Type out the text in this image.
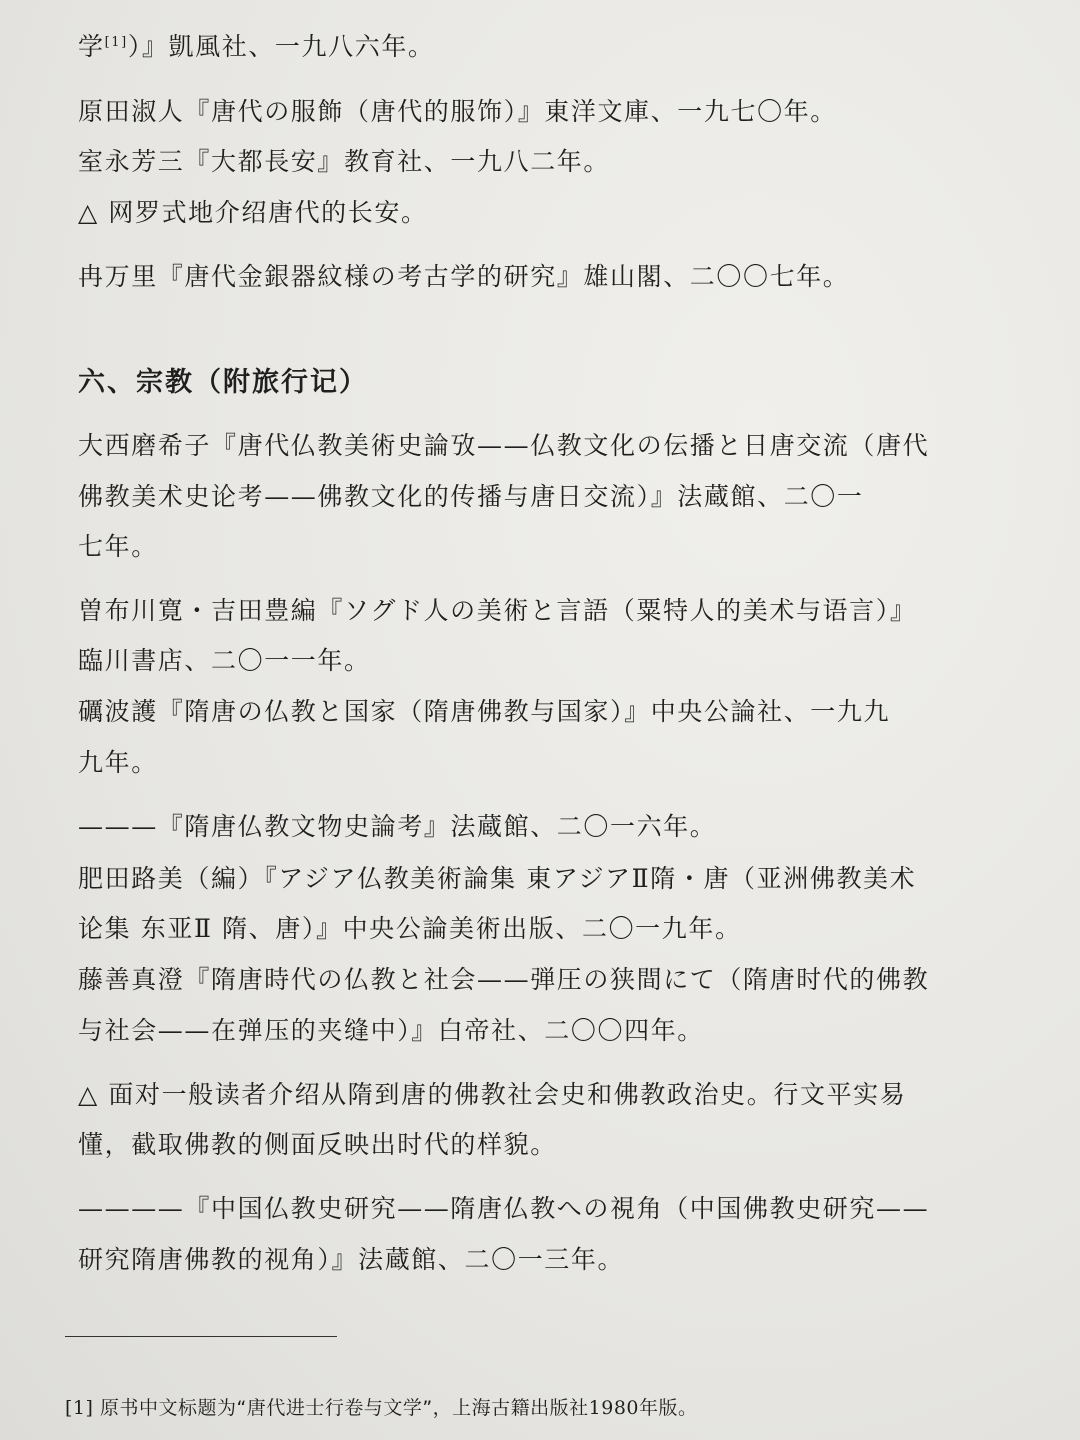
学[1]）』凱風社、一九八六年。
原田淑人『唐代の服飾（唐代的服饰）』東洋文庫、一九七〇年。
室永芳三『大都長安』教育社、一九八二年。
△ 网罗式地介绍唐代的长安。
冉万里『唐代金銀器紋様の考古学的研究』雄山閣、二〇〇七年。
六、宗教（附旅行记）
大西磨希子『唐代仏教美術史論攷——仏教文化の伝播と日唐交流（唐代
佛教美术史论考——佛教文化的传播与唐日交流）』法蔵館、二〇一
七年。
曽布川寛・吉田豊編『ソグド人の美術と言語（粟特人的美术与语言）』
臨川書店、二〇一一年。
礪波護『隋唐の仏教と国家（隋唐佛教与国家）』中央公論社、一九九
九年。
———『隋唐仏教文物史論考』法蔵館、二〇一六年。
肥田路美（編）『アジア仏教美術論集 東アジアⅡ隋・唐（亚洲佛教美术
论集 东亚Ⅱ 隋、唐）』中央公論美術出版、二〇一九年。
藤善真澄『隋唐時代の仏教と社会——弾圧の狭間にて（隋唐时代的佛教
与社会——在弹压的夹缝中）』白帝社、二〇〇四年。
△ 面对一般读者介绍从隋到唐的佛教社会史和佛教政治史。行文平实易
懂，截取佛教的侧面反映出时代的样貌。
————『中国仏教史研究——隋唐仏教への視角（中国佛教史研究——
研究隋唐佛教的视角）』法蔵館、二〇一三年。
[1] 原书中文标题为“唐代进士行卷与文学”，上海古籍出版社1980年版。
